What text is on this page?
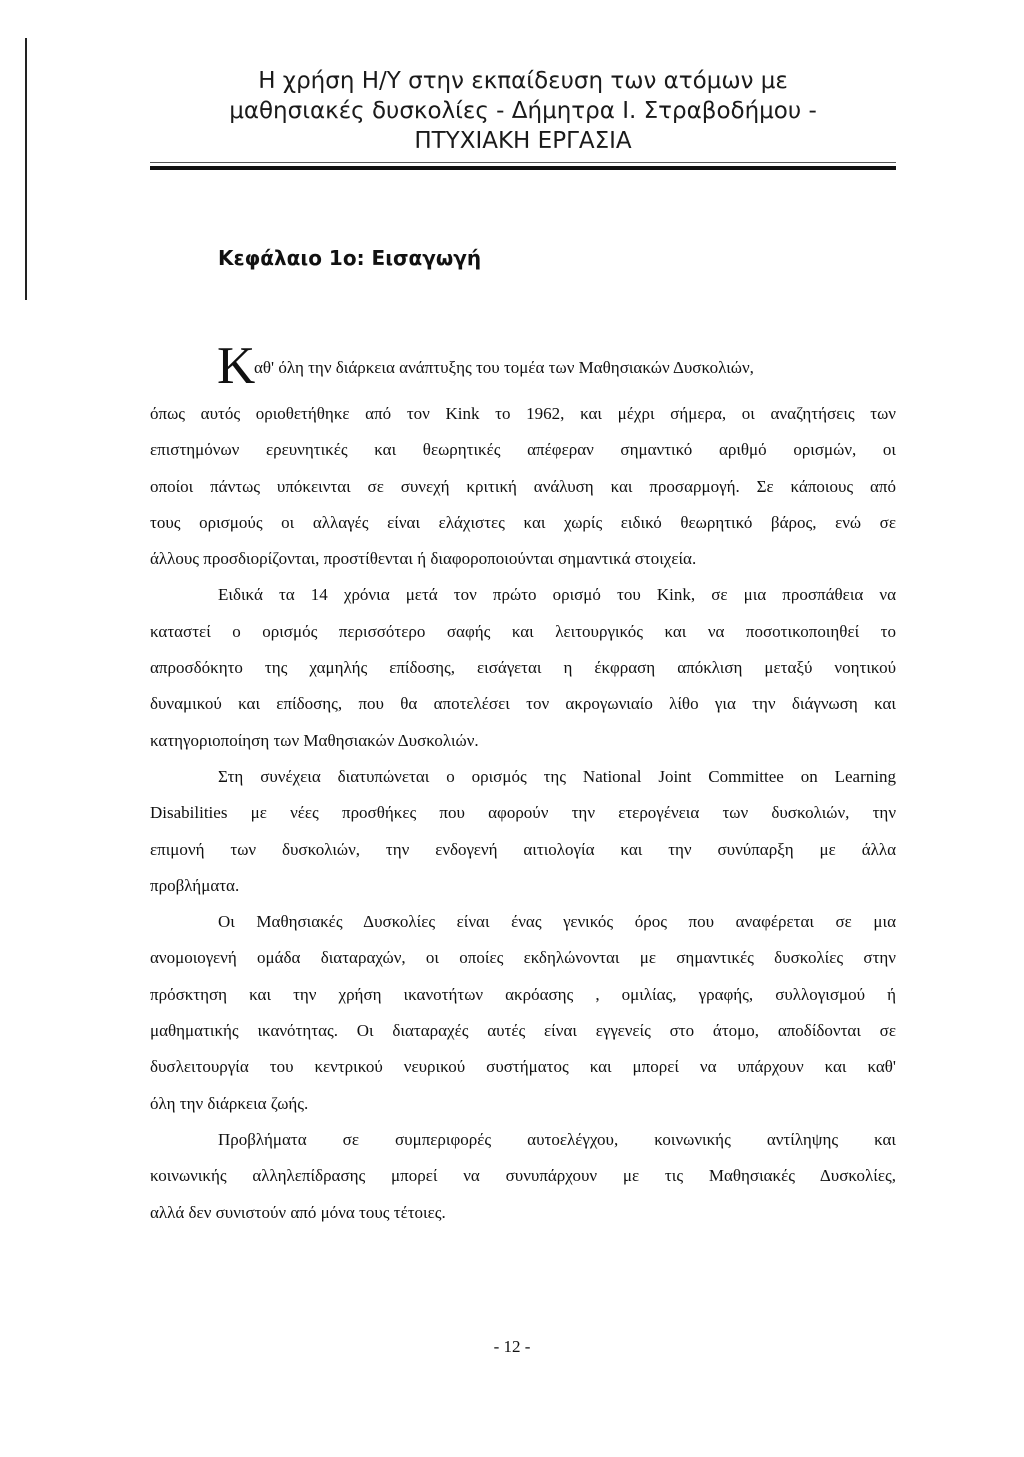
Η χρήση Η/Υ στην εκπαίδευση των ατόμων με
μαθησιακές δυσκολίες - Δήμητρα Ι. Στραβοδήμου -
ΠΤΥΧΙΑΚΗ ΕΡΓΑΣΙΑ
Κεφάλαιο 1ο: Εισαγωγή
Κ
αθ' όλη την διάρκεια ανάπτυξης του τομέα των Μαθησιακών Δυσκολιών,
όπως αυτός οριοθετήθηκε από τον Kink το 1962, και μέχρι σήμερα, οι αναζητήσεις των
επιστημόνων ερευνητικές και θεωρητικές απέφεραν σημαντικό αριθμό ορισμών, οι
οποίοι πάντως υπόκεινται σε συνεχή κριτική ανάλυση και προσαρμογή. Σε κάποιους από
τους ορισμούς οι αλλαγές είναι ελάχιστες και χωρίς ειδικό θεωρητικό βάρος, ενώ σε
άλλους προσδιορίζονται, προστίθενται ή διαφοροποιούνται σημαντικά στοιχεία.
Ειδικά τα 14 χρόνια μετά τον πρώτο ορισμό του Kink, σε μια προσπάθεια να
καταστεί ο ορισμός περισσότερο σαφής και λειτουργικός και να ποσοτικοποιηθεί το
απροσδόκητο της χαμηλής επίδοσης, εισάγεται η έκφραση απόκλιση μεταξύ νοητικού
δυναμικού και επίδοσης, που θα αποτελέσει τον ακρογωνιαίο λίθο για την διάγνωση και
κατηγοριοποίηση των Μαθησιακών Δυσκολιών.
Στη συνέχεια διατυπώνεται ο ορισμός της National Joint Committee on Learning
Disabilities με νέες προσθήκες που αφορούν την ετερογένεια των δυσκολιών, την
επιμονή των δυσκολιών, την ενδογενή αιτιολογία και την συνύπαρξη με άλλα
προβλήματα.
Οι Μαθησιακές Δυσκολίες είναι ένας γενικός όρος που αναφέρεται σε μια
ανομοιογενή ομάδα διαταραχών, οι οποίες εκδηλώνονται με σημαντικές δυσκολίες στην
πρόσκτηση και την χρήση ικανοτήτων ακρόασης , ομιλίας, γραφής, συλλογισμού ή
μαθηματικής ικανότητας. Οι διαταραχές αυτές είναι εγγενείς στο άτομο, αποδίδονται σε
δυσλειτουργία του κεντρικού νευρικού συστήματος και μπορεί να υπάρχουν και καθ'
όλη την διάρκεια ζωής.
Προβλήματα σε συμπεριφορές αυτοελέγχου, κοινωνικής αντίληψης και
κοινωνικής αλληλεπίδρασης μπορεί να συνυπάρχουν με τις Μαθησιακές Δυσκολίες,
αλλά δεν συνιστούν από μόνα τους τέτοιες.
- 12 -
